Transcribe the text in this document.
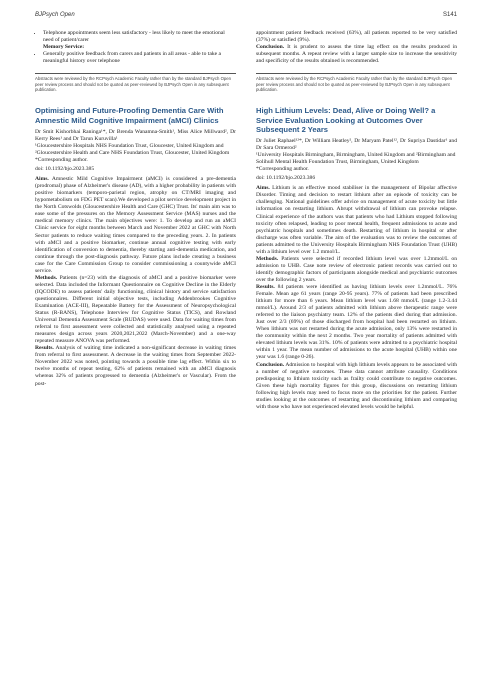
BJPsych Open	S141
• Telephone appointments seem less satisfactory - less likely to meet the emotional need of patient/carer
Memory Service:
• Generally positive feedback from carers and patients in all areas - able to take a meaningful history over telephone

Abstracts were reviewed by the RCPsych Academic Faculty rather than by the standard BJPsych Open peer review process and should not be quoted as peer-reviewed by BJPsych Open in any subsequent publication.

Optimising and Future-Proofing Dementia Care With Amnestic Mild Cognitive Impairment (aMCI) Clinics

Dr Smit Kishorbhai Raninga¹*, Dr Brenda Wanamna-Smith¹, Miss Alice Millward², Dr Kerry Rees¹ and Dr Tarun Kuruvilla¹

¹Gloucestershire Hospitals NHS Foundation Trust, Gloucester, United Kingdom and ²Gloucestershire Health and Care NHS Foundation Trust, Gloucester, United Kingdom

*Corresponding author.

doi: 10.1192/bjo.2023.385

Aims. Amnestic Mild Cognitive Impairment (aMCI) is considered a pre-dementia (prodromal) phase of Alzheimer's disease (AD), with a higher probability in patients with positive biomarkers (temporo-parietal region, atrophy on CT/MRI imaging and hypometabolism on FDG PET scan).We developed a pilot service development project in the North Cotswolds (Gloucestershire Health and Care (GHC) Trust. Its' main aim was to ease some of the pressures on the Memory Assessment Service (MAS) nurses and the medical memory clinics. The main objectives were: 1. To develop and run an aMCI Clinic service for eight months between March and November 2022 at GHC with North Sector patients to reduce waiting times compared to the preceding years. 2. In patients with aMCI and a positive biomarker, continue annual cognitive testing with early identification of conversion to dementia, thereby starting anti-dementia medication, and continue through the post-diagnosis pathway. Future plans include creating a business case for the Care Commission Group to consider commissioning a countywide aMCI service.

Methods. Patients (n=23) with the diagnosis of aMCI and a positive biomarker were selected. Data included the Informant Questionnaire on Cognitive Decline in the Elderly (IQCODE) to assess patients' daily functioning, clinical history and service satisfaction questionnaires. Different initial objective tests, including Addenbrookes Cognitive Examination (ACE-III), Repeatable Battery for the Assessment of Neuropsychological Status (R-BANS), Telephone Interview for Cognitive Status (TICS), and Rowland Universal Dementia Assessment Scale (RUDAS) were used. Data for waiting times from referral to first assessment were collected and statistically analysed using a repeated measures design across years 2020,2021,2022 (March-November) and a one-way repeated measure ANOVA was performed.

Results. Analysis of waiting time indicated a non-significant decrease in waiting times from referral to first assessment. A decrease in the waiting times from September 2022-November 2022 was noted, pointing towards a possible time lag effect. Within six to twelve months of repeat testing, 62% of patients remained with an aMCI diagnosis whereas 32% of patients progressed to dementia (Alzheimer's or Vascular). From the post-

appointment patient feedback received (63%), all patients reported to be very satisfied (37%) or satisfied (9%).

Conclusion. It is prudent to assess the time lag effect on the results produced in subsequent months. A repeat review with a larger sample size to increase the sensitivity and specificity of the results obtained is recommended.

Abstracts were reviewed by the RCPsych Academic Faculty rather than by the standard BJPsych Open peer review process and should not be quoted as peer-reviewed by BJPsych Open in any subsequent publication.

High Lithium Levels: Dead, Alive or Doing Well? a Service Evaluation Looking at Outcomes Over Subsequent 2 Years

Dr Juliet Raphael¹²*, Dr William Heatley², Dr Maryam Patel¹², Dr Supriya Dastidar¹ and Dr Sara Ormerod²

¹University Hospitals Birmingham, Birmingham, United Kingdom and ²Birmingham and Solihull Mental Health Foundation Trust, Birmingham, United Kingdom

*Corresponding author.

doi: 10.1192/bjo.2023.386

Aims. Lithium is an effective mood stabiliser in the management of Bipolar affective Disorder. Timing and decision to restart lithium after an episode of toxicity can be challenging. National guidelines offer advice on management of acute toxicity but little information on restarting lithium. Abrupt withdrawal of lithium can provoke relapse. Clinical experience of the authors was that patients who had Lithium stopped following toxicity often relapsed, leading to poor mental health, frequent admissions to acute and psychiatric hospitals and sometimes death. Restarting of lithium in hospital or after discharge was often variable. The aim of the evaluation was to review the outcomes of patients admitted to the University Hospitals Birmingham NHS Foundation Trust (UHB) with a lithium level over 1.2 mmol/L.

Methods. Patients were selected if recorded lithium level was over 1.2mmol/L on admission to UHB. Case note review of electronic patient records was carried out to identify demographic factors of participants alongside medical and psychiatric outcomes over the following 2 years.

Results. 84 patients were identified as having lithium levels over 1.2mmol/L. 76% Female. Mean age 61 years (range 20-95 years). 77% of patients had been prescribed lithium for more than 6 years. Mean lithium level was 1.68 mmol/L (range 1.2-3.44 mmol/L). Around 2/3 of patients admitted with lithium above therapeutic range were referred to the liaison psychiatry team. 12% of the patients died during that admission. Just over 2/3 (69%) of those discharged from hospital had been restarted on lithium. When lithium was not restarted during the acute admission, only 13% were restarted in the community within the next 2 months. Two year mortality of patients admitted with elevated lithium levels was 31%. 10% of patients were admitted to a psychiatric hospital within 1 year. The mean number of admissions to the acute hospital (UHB) within one year was 1.6 (range 0-26).

Conclusion. Admission to hospital with high lithium levels appears to be associated with a number of negative outcomes. These data cannot attribute causality. Conditions predisposing to lithium toxicity such as frailty could contribute to negative outcomes. Given these high mortality figures for this group, discussions on restarting lithium following high levels may need to focus more on the priorities for the patient. Further studies looking at the outcomes of restarting and discontinuing lithium and comparing with those who have not experienced elevated levels would be helpful.
